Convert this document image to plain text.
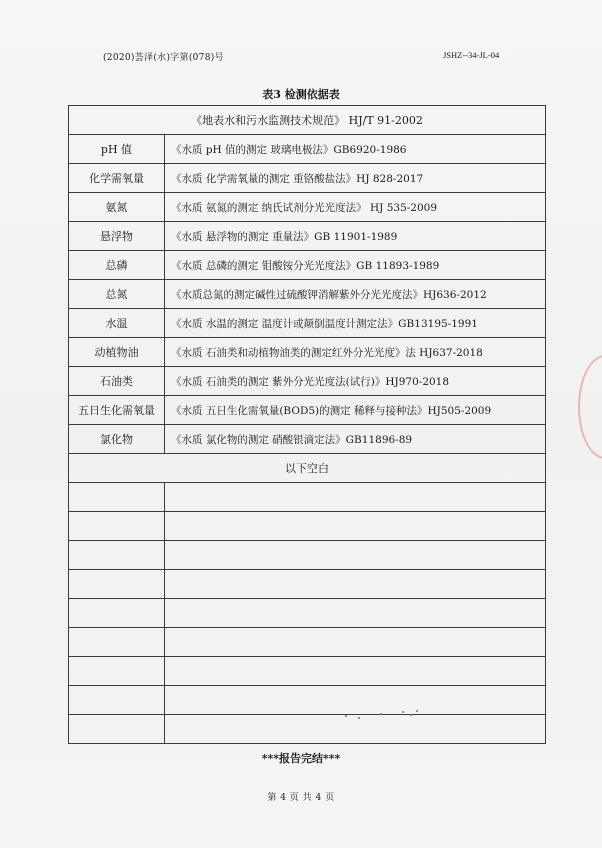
(2020)荟泽(水)字第(078)号	JSHZ--34-JL-04
表3 检测依据表
《地表水和污水监测技术规范》 HJ/T 91-2002	
pH 值	《水质 pH 值的测定 玻璃电极法》GB6920-1986
化学需氧量	《水质 化学需氧量的测定 重铬酸盐法》HJ 828-2017
氨氮	《水质 氨氮的测定 纳氏试剂分光光度法》 HJ 535-2009
悬浮物	《水质 悬浮物的测定 重量法》GB 11901-1989
总磷	《水质 总磷的测定 钼酸铵分光光度法》GB 11893-1989
总氮	《水质总氮的测定碱性过硫酸钾消解紫外分光光度法》HJ636-2012
水温	《水质 水温的测定 温度计或颠倒温度计测定法》GB13195-1991
动植物油	《水质 石油类和动植物油类的测定红外分光光度》法 HJ637-2018
石油类	《水质 石油类的测定 紫外分光光度法(试行)》HJ970-2018
五日生化需氧量	《水质 五日生化需氧量(BOD5)的测定 稀释与接种法》HJ505-2009
氯化物	《水质 氯化物的测定 硝酸银滴定法》GB11896-89
以下空白	

***报告完结***
第 4 页 共 4 页
